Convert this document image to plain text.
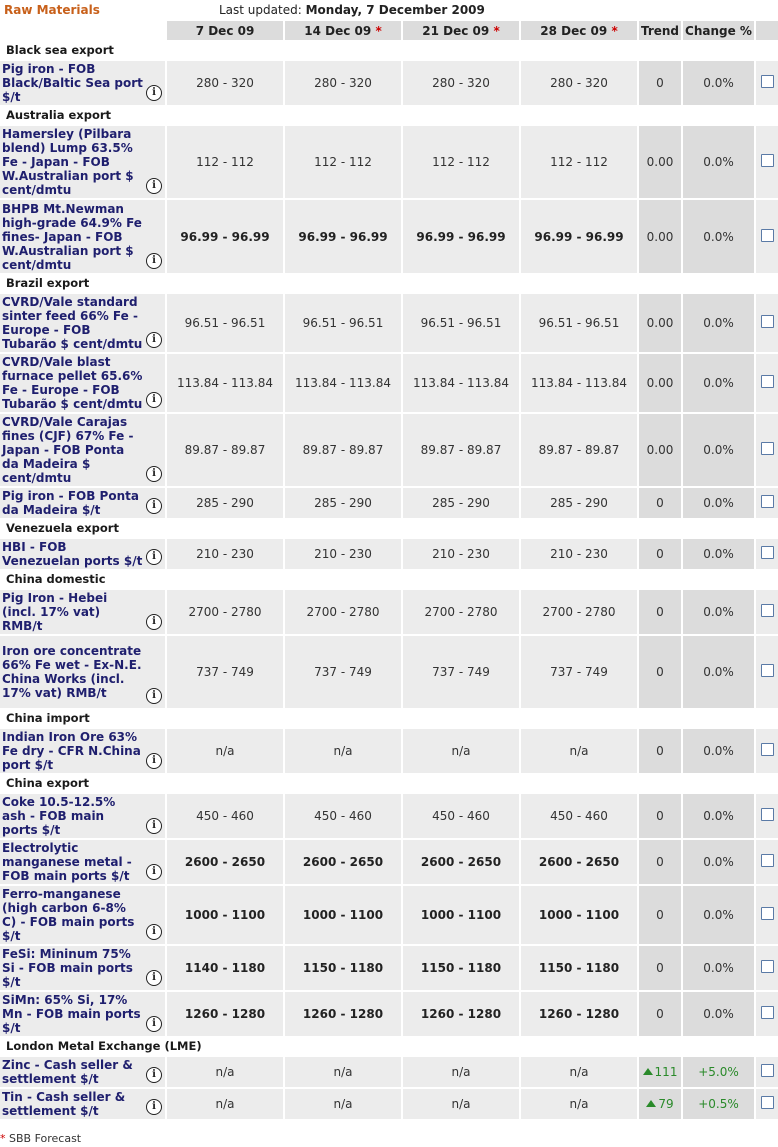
Raw Materials	Last updated: Monday, 7 December 2009
	7 Dec 09	14 Dec 09 *	21 Dec 09 *	28 Dec 09 *	Trend	Change %	
Black sea export							
Pig iron - FOB Black/Baltic Sea port $/t i	280 - 320	280 - 320	280 - 320	280 - 320	0	0.0%	
Australia export							
Hamersley (Pilbara blend) Lump 63.5% Fe - Japan - FOB W.Australian port $ cent/dmtu i	112 - 112	112 - 112	112 - 112	112 - 112	0.00	0.0%	
BHPB Mt.Newman high-grade 64.9% Fe fines- Japan - FOB W.Australian port $ cent/dmtu i	96.99 - 96.99	96.99 - 96.99	96.99 - 96.99	96.99 - 96.99	0.00	0.0%	
Brazil export							
CVRD/Vale standard sinter feed 66% Fe - Europe - FOB Tubarão $ cent/dmtu i	96.51 - 96.51	96.51 - 96.51	96.51 - 96.51	96.51 - 96.51	0.00	0.0%	
CVRD/Vale blast furnace pellet 65.6% Fe - Europe - FOB Tubarão $ cent/dmtu i	113.84 - 113.84	113.84 - 113.84	113.84 - 113.84	113.84 - 113.84	0.00	0.0%	
CVRD/Vale Carajas fines (CJF) 67% Fe - Japan - FOB Ponta da Madeira $ cent/dmtu i	89.87 - 89.87	89.87 - 89.87	89.87 - 89.87	89.87 - 89.87	0.00	0.0%	
Pig iron - FOB Ponta da Madeira $/t i	285 - 290	285 - 290	285 - 290	285 - 290	0	0.0%	
Venezuela export							
HBI - FOB Venezuelan ports $/t i	210 - 230	210 - 230	210 - 230	210 - 230	0	0.0%	
China domestic							
Pig Iron - Hebei (incl. 17% vat) RMB/t i	2700 - 2780	2700 - 2780	2700 - 2780	2700 - 2780	0	0.0%	
Iron ore concentrate 66% Fe wet - Ex-N.E. China Works (incl. 17% vat) RMB/t i	737 - 749	737 - 749	737 - 749	737 - 749	0	0.0%	
China import							
Indian Iron Ore 63% Fe dry - CFR N.China port $/t i	n/a	n/a	n/a	n/a	0	0.0%	
China export							
Coke 10.5-12.5% ash - FOB main ports $/t i	450 - 460	450 - 460	450 - 460	450 - 460	0	0.0%	
Electrolytic manganese metal - FOB main ports $/t i	2600 - 2650	2600 - 2650	2600 - 2650	2600 - 2650	0	0.0%	
Ferro-manganese (high carbon 6-8% C) - FOB main ports $/t i	1000 - 1100	1000 - 1100	1000 - 1100	1000 - 1100	0	0.0%	
FeSi: Mininum 75% Si - FOB main ports $/t i	1140 - 1180	1150 - 1180	1150 - 1180	1150 - 1180	0	0.0%	
SiMn: 65% Si, 17% Mn - FOB main ports $/t i	1260 - 1280	1260 - 1280	1260 - 1280	1260 - 1280	0	0.0%	
London Metal Exchange (LME)							
Zinc - Cash seller & settlement $/t i	n/a	n/a	n/a	n/a	111	+5.0%	
Tin - Cash seller & settlement $/t i	n/a	n/a	n/a	n/a	79	+0.5%	
* SBB Forecast
